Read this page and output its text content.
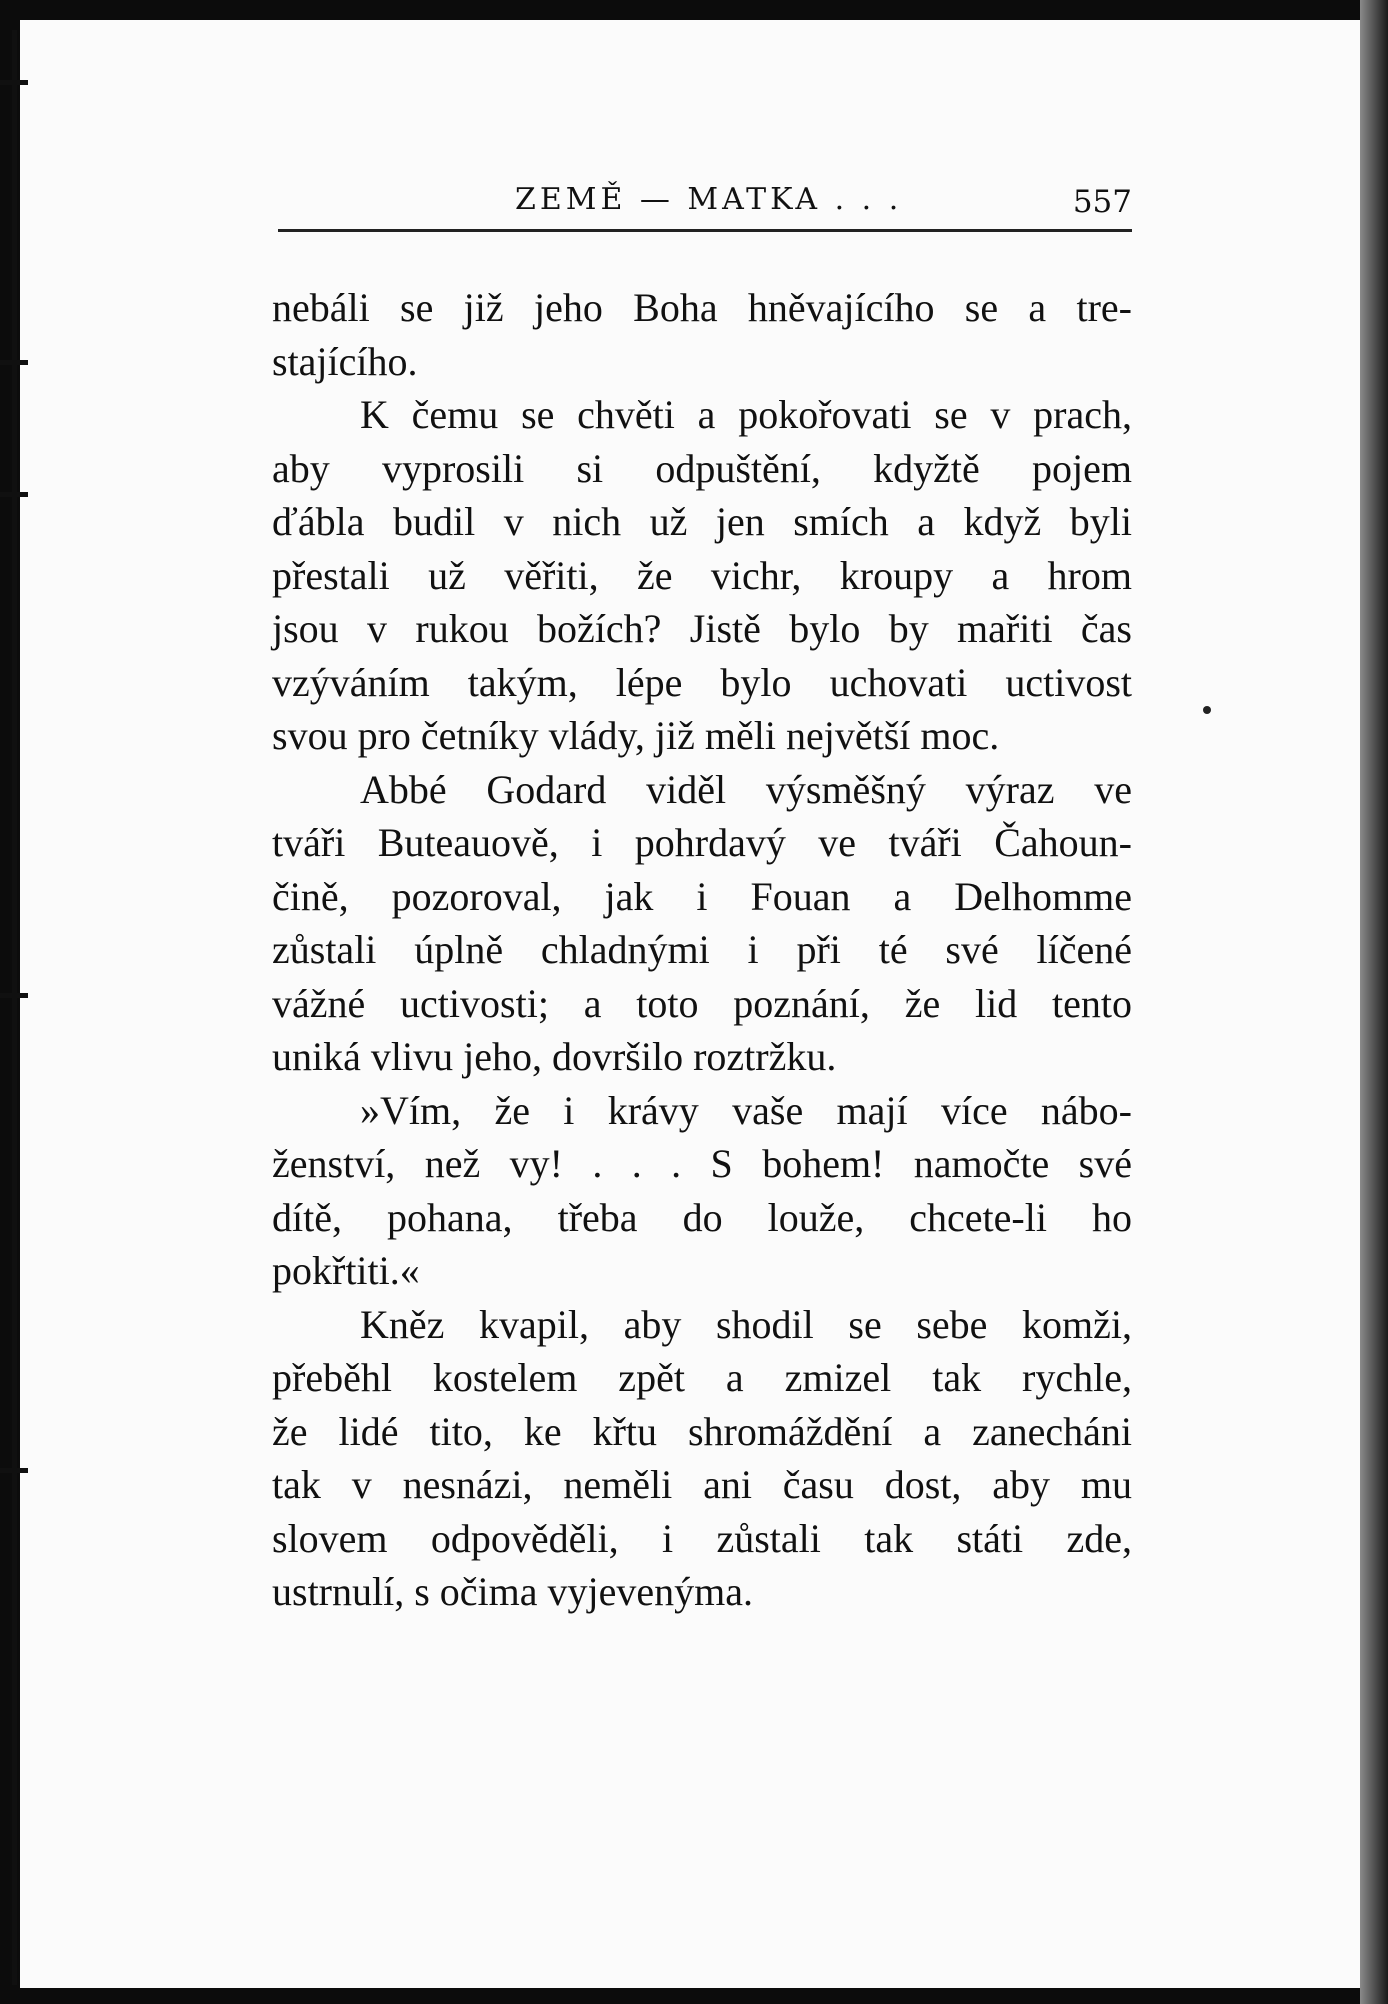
ZEMĚ — MATKA . . .	557
nebáli se již jeho Boha hněvajícího se a tre-
stajícího.
K čemu se chvěti a pokořovati se v prach,
aby vyprosili si odpuštění, kdyžtě pojem
ďábla budil v nich už jen smích a když byli
přestali už věřiti, že vichr, kroupy a hrom
jsou v rukou božích? Jistě bylo by mařiti čas
vzýváním takým, lépe bylo uchovati uctivost
svou pro četníky vlády, již měli největší moc.
Abbé Godard viděl výsměšný výraz ve
tváři Buteauově, i pohrdavý ve tváři Čahoun-
čině, pozoroval, jak i Fouan a Delhomme
zůstali úplně chladnými i při té své líčené
vážné uctivosti; a toto poznání, že lid tento
uniká vlivu jeho, dovršilo roztržku.
»Vím, že i krávy vaše mají více nábo-
ženství, než vy! . . . S bohem! namočte své
dítě, pohana, třeba do louže, chcete-li ho
pokřtiti.«
Kněz kvapil, aby shodil se sebe komži,
přeběhl kostelem zpět a zmizel tak rychle,
že lidé tito, ke křtu shromáždění a zanecháni
tak v nesnázi, neměli ani času dost, aby mu
slovem odpověděli, i zůstali tak státi zde,
ustrnulí, s očima vyjevenýma.
